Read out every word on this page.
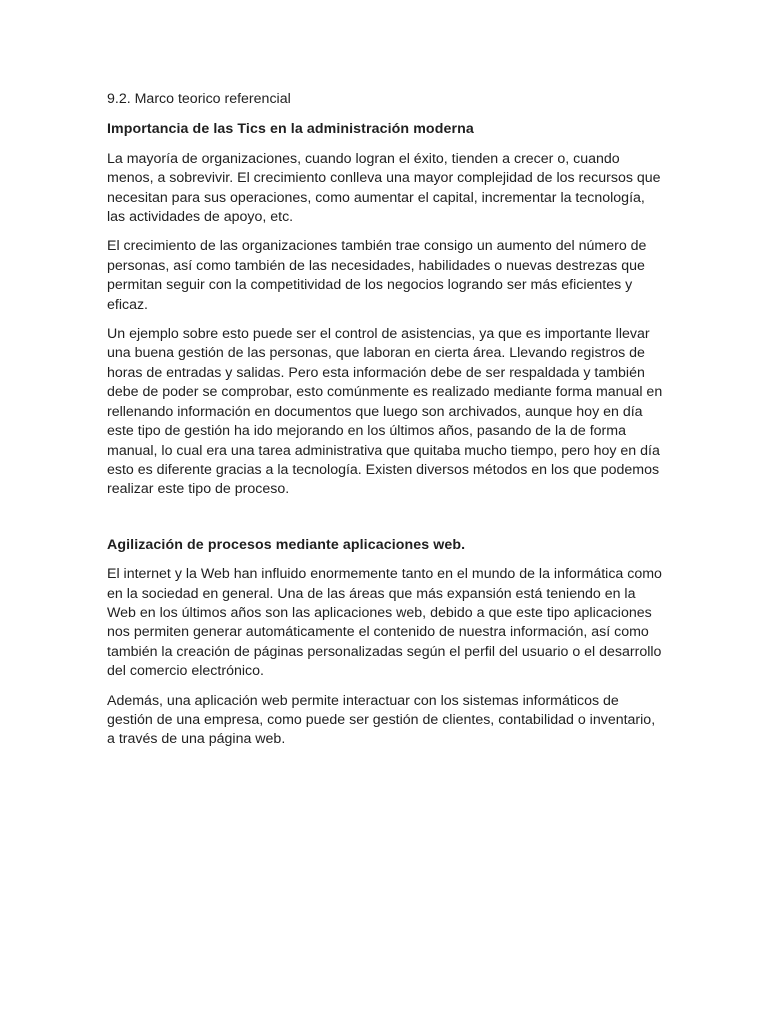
9.2. Marco teorico referencial
Importancia de las Tics en la administración moderna

La mayoría de organizaciones, cuando logran el éxito, tienden a crecer o, cuando menos, a sobrevivir. El crecimiento conlleva una mayor complejidad de los recursos que necesitan para sus operaciones, como aumentar el capital, incrementar la tecnología, las actividades de apoyo, etc.

El crecimiento de las organizaciones también trae consigo un aumento del número de personas, así como también de las necesidades, habilidades o nuevas destrezas que permitan seguir con la competitividad de los negocios logrando ser más eficientes y eficaz.

Un ejemplo sobre esto puede ser el control de asistencias, ya que es importante llevar una buena gestión de las personas, que laboran en cierta área. Llevando registros de horas de entradas y salidas. Pero esta información debe de ser respaldada y también debe de poder se comprobar, esto comúnmente es realizado mediante forma manual en rellenando información en documentos que luego son archivados, aunque hoy en día este tipo de gestión ha ido mejorando en los últimos años, pasando de la de forma manual, lo cual era una tarea administrativa que quitaba mucho tiempo, pero hoy en día esto es diferente gracias a la tecnología. Existen diversos métodos en los que podemos realizar este tipo de proceso.

Agilización de procesos mediante aplicaciones web.

El internet y la Web han influido enormemente tanto en el mundo de la informática como en la sociedad en general. Una de las áreas que más expansión está teniendo en la Web en los últimos años son las aplicaciones web, debido a que este tipo aplicaciones nos permiten generar automáticamente el contenido de nuestra información, así como también la creación de páginas personalizadas según el perfil del usuario o el desarrollo del comercio electrónico.

Además, una aplicación web permite interactuar con los sistemas informáticos de gestión de una empresa, como puede ser gestión de clientes, contabilidad o inventario, a través de una página web.
